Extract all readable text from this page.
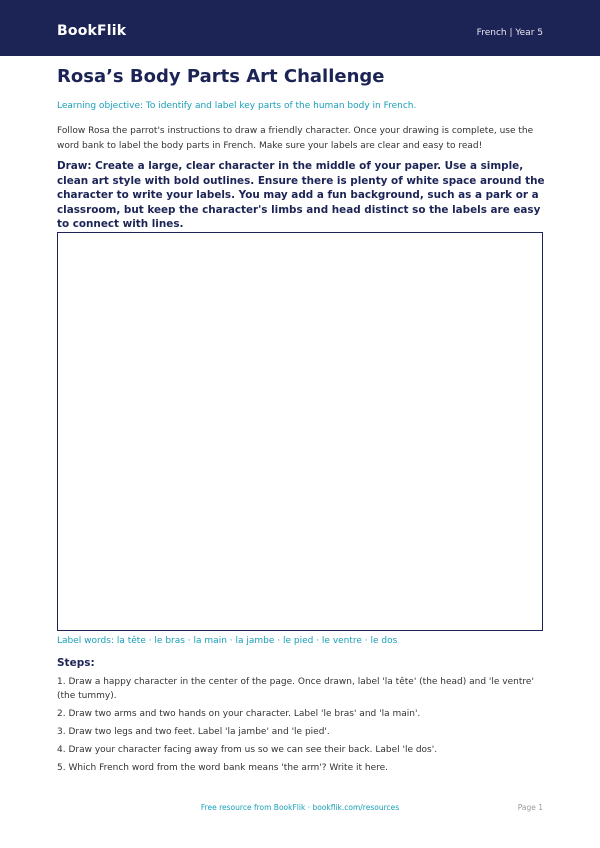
BookFlik	French | Year 5
Rosa’s Body Parts Art Challenge
Learning objective: To identify and label key parts of the human body in French.

Follow Rosa the parrot's instructions to draw a friendly character. Once your drawing is complete, use the word bank to label the body parts in French. Make sure your labels are clear and easy to read!

Draw: Create a large, clear character in the middle of your paper. Use a simple, clean art style with bold outlines. Ensure there is plenty of white space around the character to write your labels. You may add a fun background, such as a park or a classroom, but keep the character's limbs and head distinct so the labels are easy to connect with lines.

Label words: la tête · le bras · la main · la jambe · le pied · le ventre · le dos
Steps:
1. Draw a happy character in the center of the page. Once drawn, label 'la tête' (the head) and 'le ventre' (the tummy).
2. Draw two arms and two hands on your character. Label 'le bras' and 'la main'.
3. Draw two legs and two feet. Label 'la jambe' and 'le pied'.
4. Draw your character facing away from us so we can see their back. Label 'le dos'.
5. Which French word from the word bank means 'the arm'? Write it here.
Free resource from BookFlik · bookflik.com/resources	Page 1
